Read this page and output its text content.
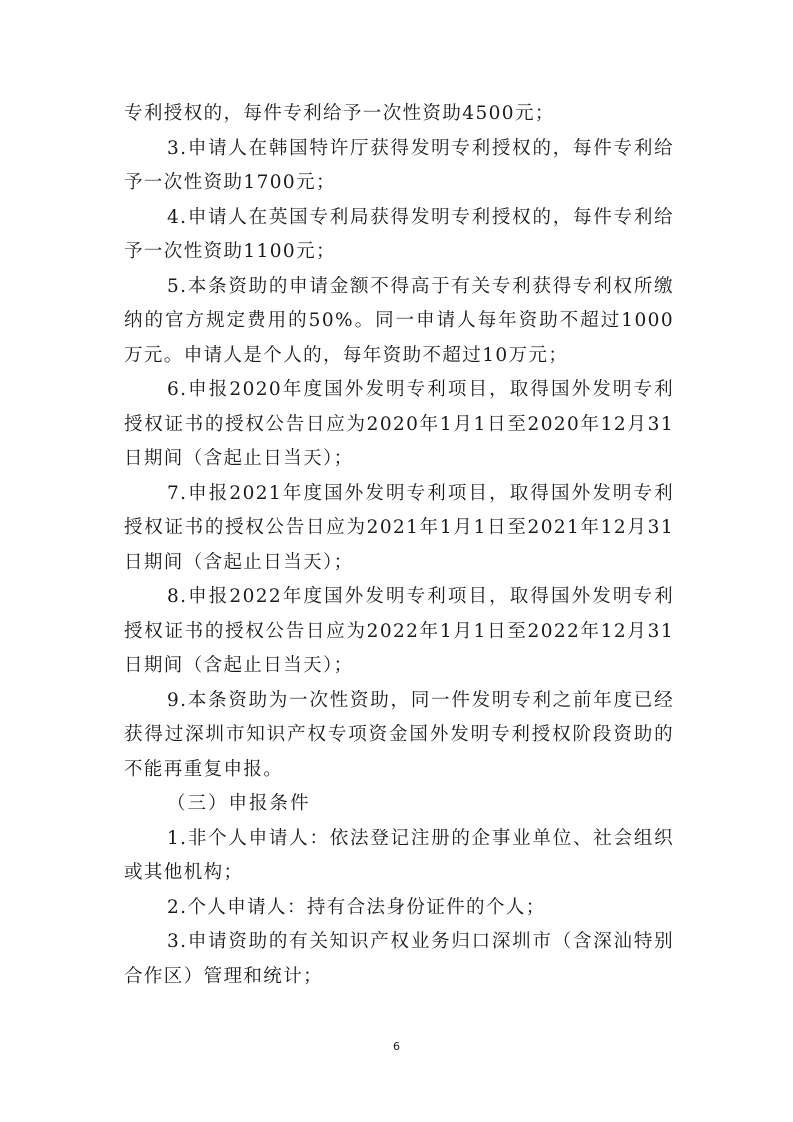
专利授权的，每件专利给予一次性资助4500元；

3.申请人在韩国特许厅获得发明专利授权的，每件专利给予一次性资助1700元；

4.申请人在英国专利局获得发明专利授权的，每件专利给予一次性资助1100元；

5.本条资助的申请金额不得高于有关专利获得专利权所缴纳的官方规定费用的50%。同一申请人每年资助不超过1000万元。申请人是个人的，每年资助不超过10万元；

6.申报2020年度国外发明专利项目，取得国外发明专利授权证书的授权公告日应为2020年1月1日至2020年12月31日期间（含起止日当天）；

7.申报2021年度国外发明专利项目，取得国外发明专利授权证书的授权公告日应为2021年1月1日至2021年12月31日期间（含起止日当天）；

8.申报2022年度国外发明专利项目，取得国外发明专利授权证书的授权公告日应为2022年1月1日至2022年12月31日期间（含起止日当天）；

9.本条资助为一次性资助，同一件发明专利之前年度已经获得过深圳市知识产权专项资金国外发明专利授权阶段资助的不能再重复申报。

（三）申报条件

1.非个人申请人：依法登记注册的企事业单位、社会组织或其他机构；

2.个人申请人：持有合法身份证件的个人；

3.申请资助的有关知识产权业务归口深圳市（含深汕特别合作区）管理和统计；

6
